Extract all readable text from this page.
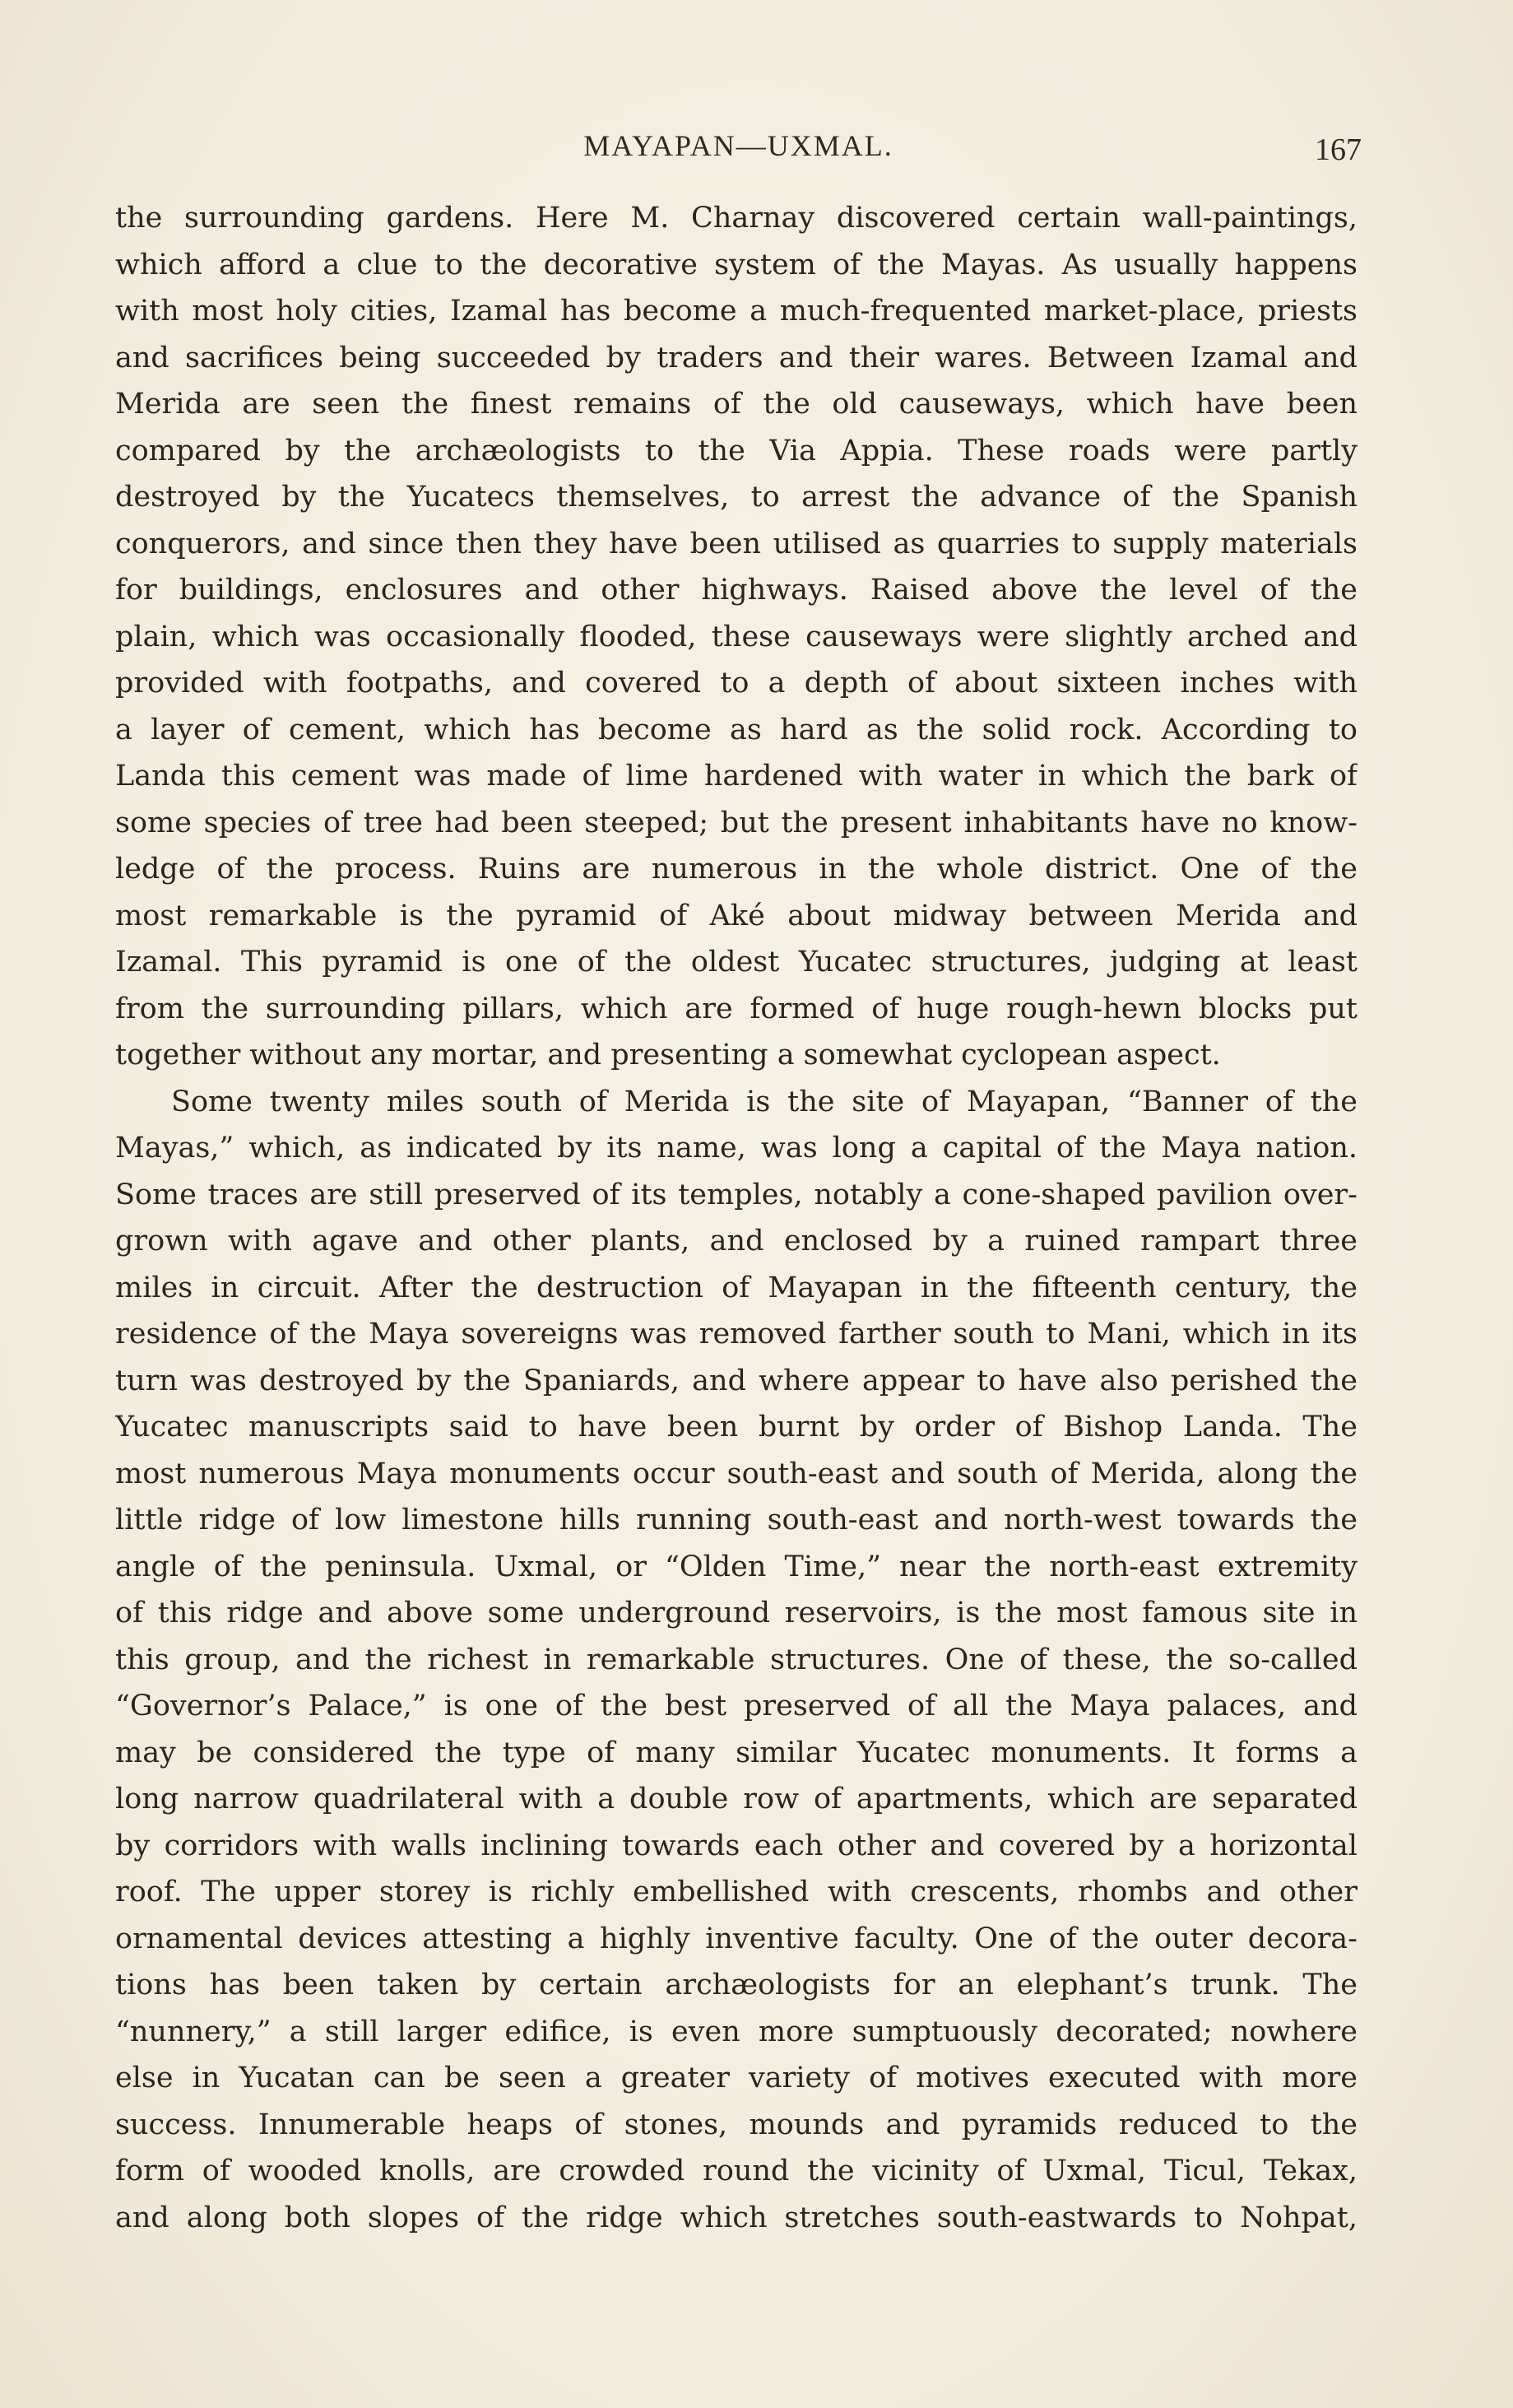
MAYAPAN—UXMAL.	167
the surrounding gardens. Here M. Charnay discovered certain wall-paintings,
which afford a clue to the decorative system of the Mayas. As usually happens
with most holy cities, Izamal has become a much-frequented market-place, priests
and sacrifices being succeeded by traders and their wares. Between Izamal and
Merida are seen the finest remains of the old causeways, which have been
compared by the archæologists to the Via Appia. These roads were partly
destroyed by the Yucatecs themselves, to arrest the advance of the Spanish
conquerors, and since then they have been utilised as quarries to supply materials
for buildings, enclosures and other highways. Raised above the level of the
plain, which was occasionally flooded, these causeways were slightly arched and
provided with footpaths, and covered to a depth of about sixteen inches with
a layer of cement, which has become as hard as the solid rock. According to
Landa this cement was made of lime hardened with water in which the bark of
some species of tree had been steeped; but the present inhabitants have no know-
ledge of the process. Ruins are numerous in the whole district. One of the
most remarkable is the pyramid of Aké about midway between Merida and
Izamal. This pyramid is one of the oldest Yucatec structures, judging at least
from the surrounding pillars, which are formed of huge rough-hewn blocks put
together without any mortar, and presenting a somewhat cyclopean aspect.
Some twenty miles south of Merida is the site of Mayapan, “Banner of the
Mayas,” which, as indicated by its name, was long a capital of the Maya nation.
Some traces are still preserved of its temples, notably a cone-shaped pavilion over-
grown with agave and other plants, and enclosed by a ruined rampart three
miles in circuit. After the destruction of Mayapan in the fifteenth century, the
residence of the Maya sovereigns was removed farther south to Mani, which in its
turn was destroyed by the Spaniards, and where appear to have also perished the
Yucatec manuscripts said to have been burnt by order of Bishop Landa. The
most numerous Maya monuments occur south-east and south of Merida, along the
little ridge of low limestone hills running south-east and north-west towards the
angle of the peninsula. Uxmal, or “Olden Time,” near the north-east extremity
of this ridge and above some underground reservoirs, is the most famous site in
this group, and the richest in remarkable structures. One of these, the so-called
“Governor’s Palace,” is one of the best preserved of all the Maya palaces, and
may be considered the type of many similar Yucatec monuments. It forms a
long narrow quadrilateral with a double row of apartments, which are separated
by corridors with walls inclining towards each other and covered by a horizontal
roof. The upper storey is richly embellished with crescents, rhombs and other
ornamental devices attesting a highly inventive faculty. One of the outer decora-
tions has been taken by certain archæologists for an elephant’s trunk. The
“nunnery,” a still larger edifice, is even more sumptuously decorated; nowhere
else in Yucatan can be seen a greater variety of motives executed with more
success. Innumerable heaps of stones, mounds and pyramids reduced to the
form of wooded knolls, are crowded round the vicinity of Uxmal, Ticul, Tekax,
and along both slopes of the ridge which stretches south-eastwards to Nohpat,
